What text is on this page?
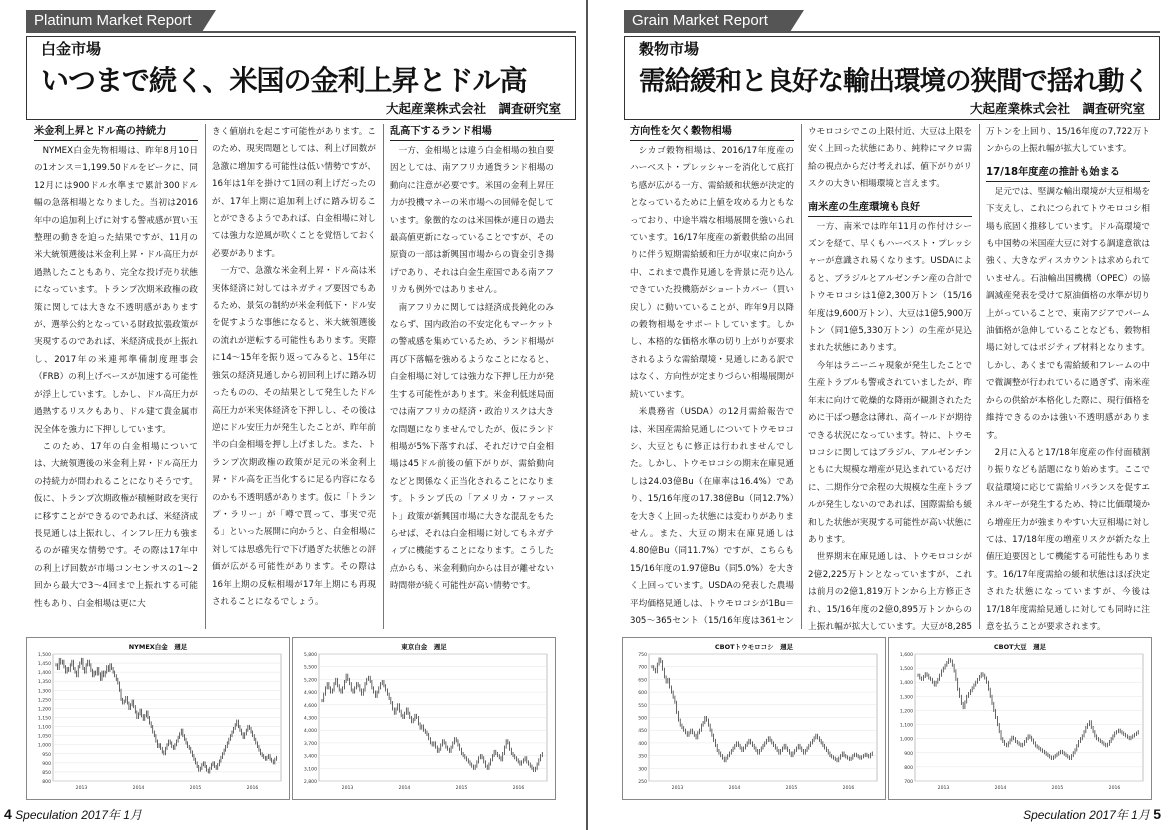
Platinum Market Report
白金市場
いつまで続く、米国の金利上昇とドル高
大起産業株式会社　調査研究室
米金利上昇とドル高の持続力

NYMEX白金先物相場は、昨年8月10日の1オンス＝1,199.50ドルをピークに、同12月には900ドル水準まで累計300ドル幅の急落相場となりました。当初は2016年中の追加利上げに対する警戒感が買い玉整理の動きを迫った結果ですが、11月の米大統領選後は米金利上昇・ドル高圧力が過熱したこともあり、完全な投げ売り状態になっています。トランプ次期米政権の政策に関しては大きな不透明感がありますが、選挙公約となっている財政拡張政策が実現するのであれば、米経済成長が上振れし、2017年の米連邦準備制度理事会（FRB）の利上げペースが加速する可能性が浮上しています。しかし、ドル高圧力が過熱するリスクもあり、ドル建て貴金属市況全体を強力に下押ししています。

このため、17年の白金相場については、大統領選後の米金利上昇・ドル高圧力の持続力が問われることになりそうです。仮に、トランプ次期政権が積極財政を実行に移すことができるのであれば、米経済成長見通しは上振れし、インフレ圧力も強まるのが確実な情勢です。その際は17年中の利上げ回数が市場コンセンサスの1～2回から最大で3～4回まで上振れする可能性もあり、白金相場は更に大

きく値崩れを起こす可能性があります。このため、現実問題としては、利上げ回数が急激に増加する可能性は低い情勢ですが、16年は1年を掛けて1回の利上げだったのが、17年上期に追加利上げに踏み切ることができるようであれば、白金相場に対しては強力な逆風が吹くことを覚悟しておく必要があります。

一方で、急激な米金利上昇・ドル高は米実体経済に対してはネガティブ要因でもあるため、景気の制約が米金利低下・ドル安を促すような事態になると、米大統領選後の流れが逆転する可能性もあります。実際に14～15年を振り返ってみると、15年に強気の経済見通しから初回利上げに踏み切ったものの、その結果として発生したドル高圧力が米実体経済を下押しし、その後は逆にドル安圧力が発生したことが、昨年前半の白金相場を押し上げました。また、トランプ次期政権の政策が足元の米金利上昇・ドル高を正当化するに足る内容になるのかも不透明感があります。仮に「トランプ・ラリー」が「噂で買って、事実で売る」といった展開に向かうと、白金相場に対しては思惑先行で下げ過ぎた状態との評価が広がる可能性があります。その際は16年上期の反転相場が17年上期にも再現されることになるでしょう。

乱高下するランド相場

一方、金相場とは違う白金相場の独自要因としては、南アフリカ通貨ランド相場の動向に注意が必要です。米国の金利上昇圧力が投機マネーの米市場への回帰を促しています。象徴的なのは米国株が連日の過去最高値更新になっていることですが、その原資の一部は新興国市場からの資金引き揚げであり、それは白金生産国である南アフリカも例外ではありません。

南アフリカに関しては経済成長鈍化のみならず、国内政治の不安定化もマーケットの警戒感を集めているため、ランド相場が再び下落幅を強めるようなことになると、白金相場に対しては強力な下押し圧力が発生する可能性があります。米金利低迷局面では南アフリカの経済・政治リスクは大きな問題になりませんでしたが、仮にランド相場が5%下落すれば、それだけで白金相場は45ドル前後の値下がりが、需給動向などと関係なく正当化されることになります。トランプ氏の「アメリカ・ファースト」政策が新興国市場に大きな混乱をもたらせば、それは白金相場に対してもネガティブに機能することになります。こうした点からも、米金利動向からは目が離せない時間帯が続く可能性が高い情勢です。

NYMEX白金　週足
1,500
1,450
1,400
1,350
1,300
1,250
1,200
1,150
1,100
1,050
1,000
950
900
850
800
2013	2014	2015	2016
東京白金　週足
5,800
5,500
5,200
4,900
4,600
4,300
4,000
3,700
3,400
3,100
2,800
2013	2014	2015	2016
4 Speculation 2017年 1月
Grain Market Report
穀物市場
需給緩和と良好な輸出環境の狭間で揺れ動く
大起産業株式会社　調査研究室
方向性を欠く穀物相場

シカゴ穀物相場は、2016/17年度産のハーベスト・プレッシャーを消化して底打ち感が広がる一方、需給緩和状態が決定的となっているために上値を攻める力ともなっており、中途半端な相場展開を強いられています。16/17年度産の新穀供給の出回りに伴う短期需給緩和圧力が収束に向かう中、これまで農作見通しを背景に売り込んできていた投機筋がショートカバー（買い戻し）に動いていることが、昨年9月以降の穀物相場をサポートしています。しかし、本格的な価格水準の切り上がりが要求されるような需給環境・見通しにある訳ではなく、方向性が定まりづらい相場展開が続いています。

米農務省（USDA）の12月需給報告では、米国産需給見通しについてトウモロコシ、大豆ともに修正は行われませんでした。しかし、トウモロコシの期末在庫見通しは24.03億Bu（在庫率は16.4%）であり、15/16年度の17.38億Bu（同12.7%）を大きく上回った状態には変わりがありません。また、大豆の期末在庫見通しは4.80億Bu（同11.7%）ですが、こちらも15/16年度の1.97億Bu（同5.0%）を大きく上回っています。USDAの発表した農場平均価格見通しは、トウモロコシが1Bu＝305～365セント（15/16年度は361セン

ウモロコシでこの上限付近、大豆は上限を安く上回った状態にあり、純粋にマクロ需給の視点からだけ考えれば、値下がりがリスクの大きい相場環境と言えます。

南米産の生産環境も良好

一方、南米では昨年11月の作付けシーズンを経て、早くもハーベスト・プレッシャーが意識され易くなります。USDAによると、ブラジルとアルゼンチン産の合計でトウモロコシは1億2,300万トン（15/16年度は9,600万トン）、大豆は1億5,900万トン（同1億5,330万トン）の生産が見込まれた状態にあります。

今年はラニーニャ現象が発生したことで生産トラブルも警戒されていましたが、昨年末に向けて乾燥的な降雨が観測されたために干ばつ懸念は薄れ、高イールドが期待できる状況になっています。特に、トウモロコシに関してはブラジル、アルゼンチンともに大規模な増産が見込まれているだけに、二期作分で余程の大規模な生産トラブルが発生しないのであれば、国際需給も緩和した状態が実現する可能性が高い状態にあります。

世界期末在庫見通しは、トウモロコシが2億2,225万トンとなっていますが、これは前月の2億1,819万トンから上方修正され、15/16年度の2億0,895万トンからの上振れ幅が拡大しています。大豆が8,285

万トンを上回り、15/16年度の7,722万トンからの上振れ幅が拡大しています。

17/18年度産の推計も始まる

足元では、堅調な輸出環境が大豆相場を下支えし、これにつられてトウモロコシ相場も底固く推移しています。ドル高環境でも中国勢の米国産大豆に対する調達意欲は強く、大きなディスカウントは求められていません。石油輸出国機構（OPEC）の協調減産発表を受けて原油価格の水準が切り上がっていることで、東南アジアでパーム油価格が急伸していることなども、穀物相場に対してはポジティブ材料となります。しかし、あくまでも需給緩和フレームの中で微調整が行われているに過ぎず、南米産からの供給が本格化した際に、現行価格を維持できるのかは強い不透明感があります。

2月に入ると17/18年度産の作付面積割り振りなども話題になり始めます。ここで収益環境に応じて需給リバランスを促すエネルギーが発生するため、特に比価環境から増産圧力が強まりやすい大豆相場に対しては、17/18年度の増産リスクが新たな上値圧迫要因として機能する可能性もあります。16/17年度需給の緩和状態はほぼ決定された状態になっていますが、今後は17/18年度需給見通しに対しても同時に注意を払うことが要求されます。

CBOTトウモロコシ　週足
750
700
650
600
550
500
450
400
350
300
250
2013	2014	2015	2016
CBOT大豆　週足
1,600
1,500
1,400
1,300
1,200
1,100
1,000
900
800
700
2013	2014	2015	2016
Speculation 2017年 1月 5
